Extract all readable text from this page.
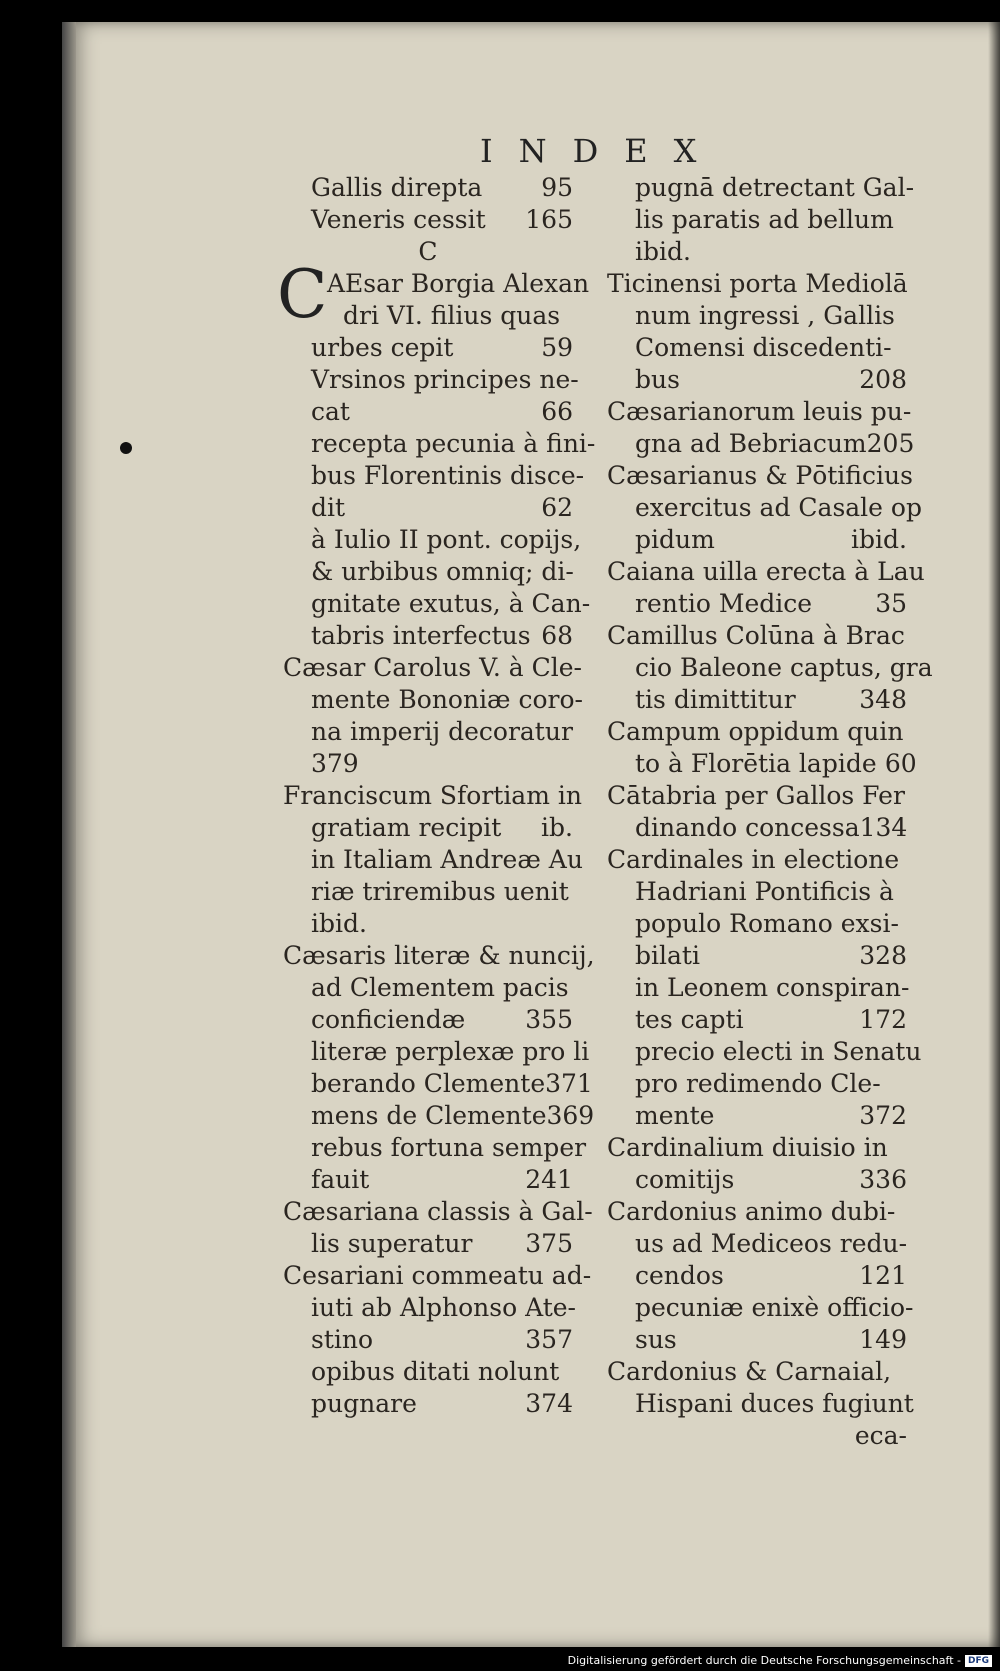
INDEX
Gallis direpta	95
Veneris cessit	165
C
C AEsar Borgia Alexan
dri VI. filius quas
urbes cepit	59
Vrsinos principes ne-
cat	66
recepta pecunia à fini-
bus Florentinis disce-
dit	62
à Iulio II pont. copijs,
& urbibus omniq; di-
gnitate exutus, à Can-
tabris interfectus 68
Cæsar Carolus V. à Cle-
mente Bononiæ coro-
na imperij decoratur
379
Franciscum Sfortiam in
gratiam recipit	ib.
in Italiam Andreæ Au
riæ triremibus uenit
ibid.
Cæsaris literæ & nuncij,
ad Clementem pacis
conficiendæ	355
literæ perplexæ pro li
berando Clemente 371
mens de Clemente 369
rebus fortuna semper
fauit	241
Cæsariana classis à Gal-
lis superatur	375
Cesariani commeatu ad-
iuti ab Alphonso Ate-
stino	357
opibus ditati nolunt
pugnare	374
pugnā detrectant Gal-
lis paratis ad bellum
ibid.
Ticinensi porta Mediolā
num ingressi , Gallis
Comensi discedenti-
bus	208
Cæsarianorum leuis pu-
gna ad Bebriacum 205
Cæsarianus & Pōtificius
exercitus ad Casale op
pidum	ibid.
Caiana uilla erecta à Lau
rentio Medice	35
Camillus Colūna à Brac
cio Baleone captus, gra
tis dimittitur	348
Campum oppidum quin
to à Florētia lapide 60
Cātabria per Gallos Fer
dinando concessa 134
Cardinales in electione
Hadriani Pontificis à
populo Romano exsi-
bilati	328
in Leonem conspiran-
tes capti	172
precio electi in Senatu
pro redimendo Cle-
mente	372
Cardinalium diuisio in
comitijs	336
Cardonius animo dubi-
us ad Mediceos redu-
cendos	121
pecuniæ enixè officio-
sus	149
Cardonius & Carnaial,
Hispani duces fugiunt
eca-
Digitalisierung gefördert durch die Deutsche Forschungsgemeinschaft - DFG
